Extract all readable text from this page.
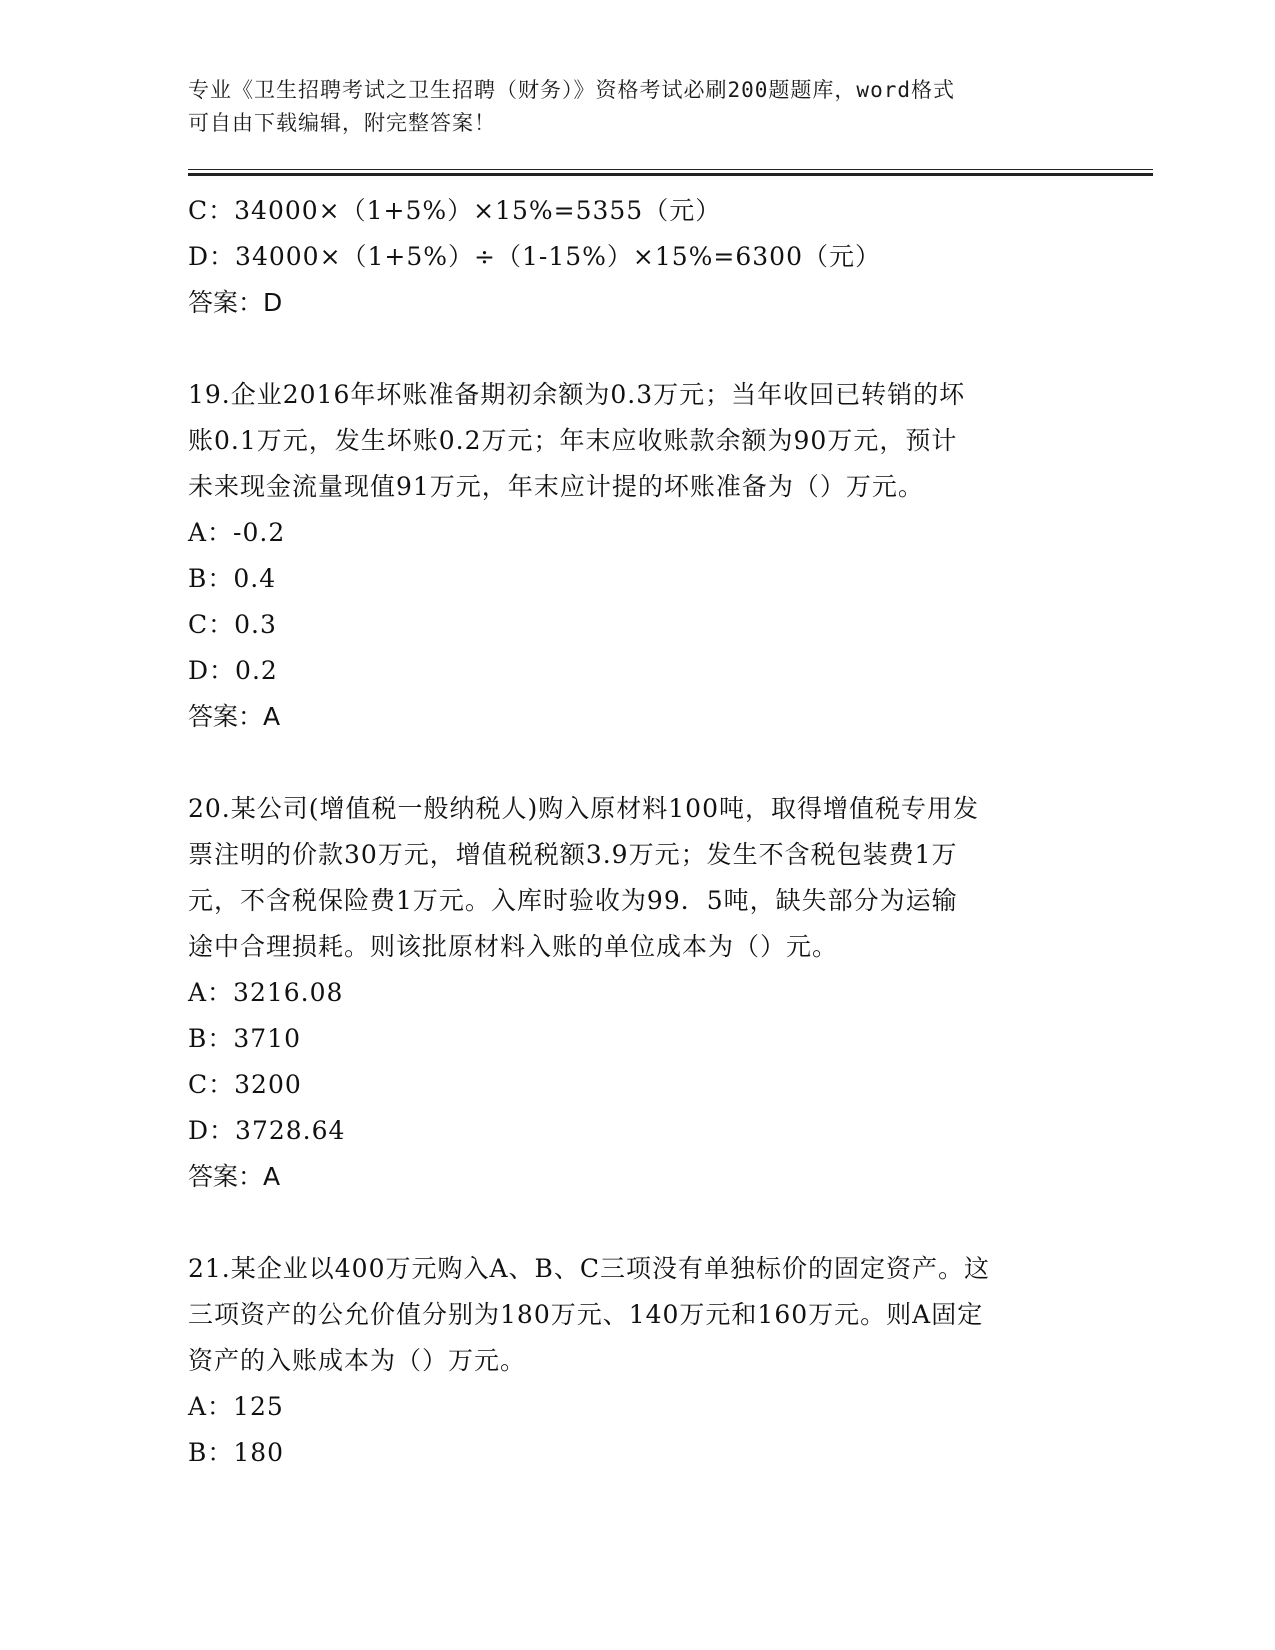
专业《卫生招聘考试之卫生招聘（财务）》资格考试必刷200题题库，word格式
可自由下载编辑，附完整答案！
C：34000×（1+5%）×15%=5355（元）
D：34000×（1+5%）÷（1-15%）×15%=6300（元）
答案：D
19.企业2016年坏账准备期初余额为0.3万元；当年收回已转销的坏
账0.1万元，发生坏账0.2万元；年末应收账款余额为90万元，预计
未来现金流量现值91万元，年末应计提的坏账准备为（）万元。
A：-0.2
B：0.4
C：0.3
D：0.2
答案：A
20.某公司(增值税一般纳税人)购入原材料100吨，取得增值税专用发
票注明的价款30万元，增值税税额3.9万元；发生不含税包装费1万
元，不含税保险费1万元。入库时验收为99．5吨，缺失部分为运输
途中合理损耗。则该批原材料入账的单位成本为（）元。
A：3216.08
B：3710
C：3200
D：3728.64
答案：A
21.某企业以400万元购入A、B、C三项没有单独标价的固定资产。这
三项资产的公允价值分别为180万元、140万元和160万元。则A固定
资产的入账成本为（）万元。
A：125
B：180
